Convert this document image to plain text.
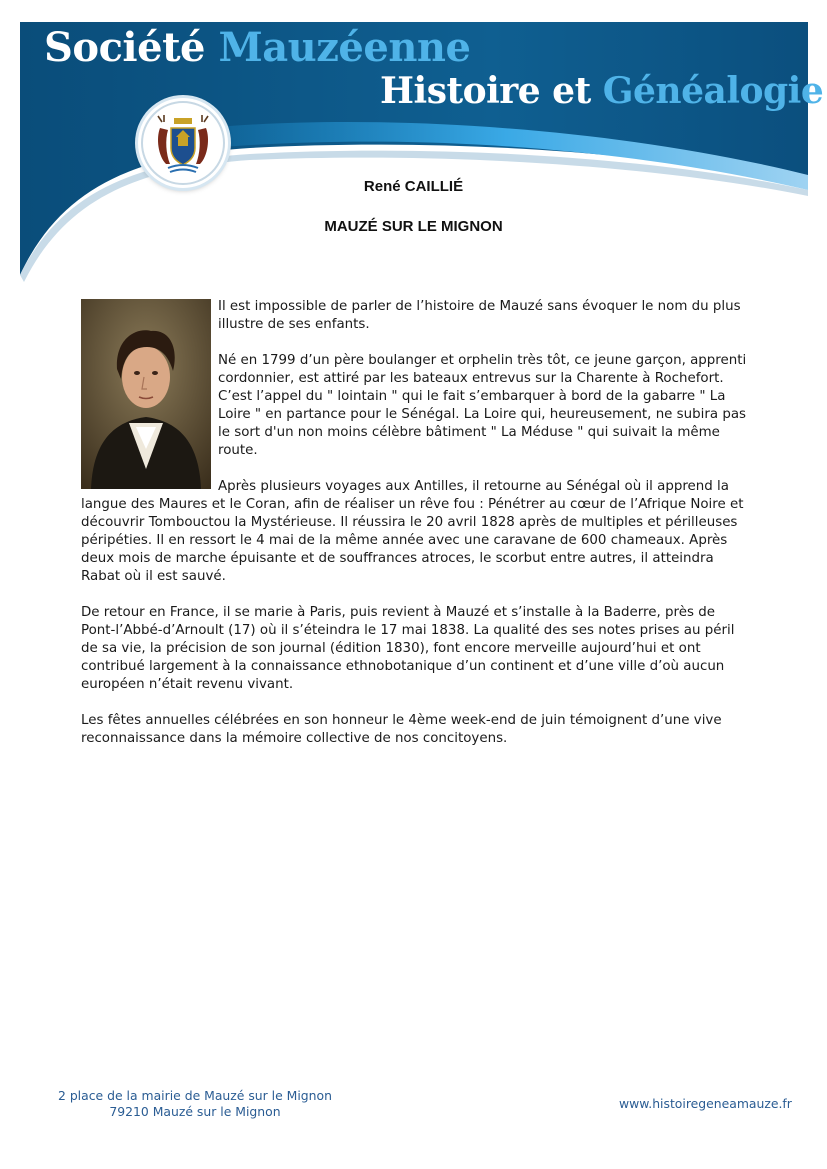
Société Mauzéenne
Histoire et Généalogie
René CAILLIÉ
MAUZÉ SUR LE MIGNON

Il est impossible de parler de l’histoire de Mauzé sans évoquer le nom du plus illustre de ses enfants.

Né en 1799 d’un père boulanger et orphelin très tôt, ce jeune garçon, apprenti cordonnier, est attiré par les bateaux entrevus sur la Charente à Rochefort. C’est l’appel du " lointain " qui le fait s’embarquer à bord de la gabarre " La Loire " en partance pour le Sénégal. La Loire qui, heureusement, ne subira pas le sort d'un non moins célèbre bâtiment " La Méduse " qui suivait la même route.

Après plusieurs voyages aux Antilles, il retourne au Sénégal où il apprend la langue des Maures et le Coran, afin de réaliser un rêve fou : Pénétrer au cœur de l’Afrique Noire et découvrir Tombouctou la Mystérieuse. Il réussira le 20 avril 1828 après de multiples et périlleuses péripéties. Il en ressort le 4 mai de la même année avec une caravane de 600 chameaux. Après deux mois de marche épuisante et de souffrances atroces, le scorbut entre autres, il atteindra Rabat où il est sauvé.

De retour en France, il se marie à Paris, puis revient à Mauzé et s’installe à la Baderre, près de Pont-l’Abbé-d’Arnoult (17) où il s’éteindra le 17 mai 1838. La qualité des ses notes prises au péril de sa vie, la précision de son journal (édition 1830), font encore merveille aujourd’hui et ont contribué largement à la connaissance ethnobotanique d’un continent et d’une ville d’où aucun européen n’était revenu vivant.

Les fêtes annuelles célébrées en son honneur le 4ème week-end de juin témoignent d’une vive reconnaissance dans la mémoire collective de nos concitoyens.

2 place de la mairie de Mauzé sur le Mignon
79210 Mauzé sur le Mignon
www.histoiregeneamauze.fr
